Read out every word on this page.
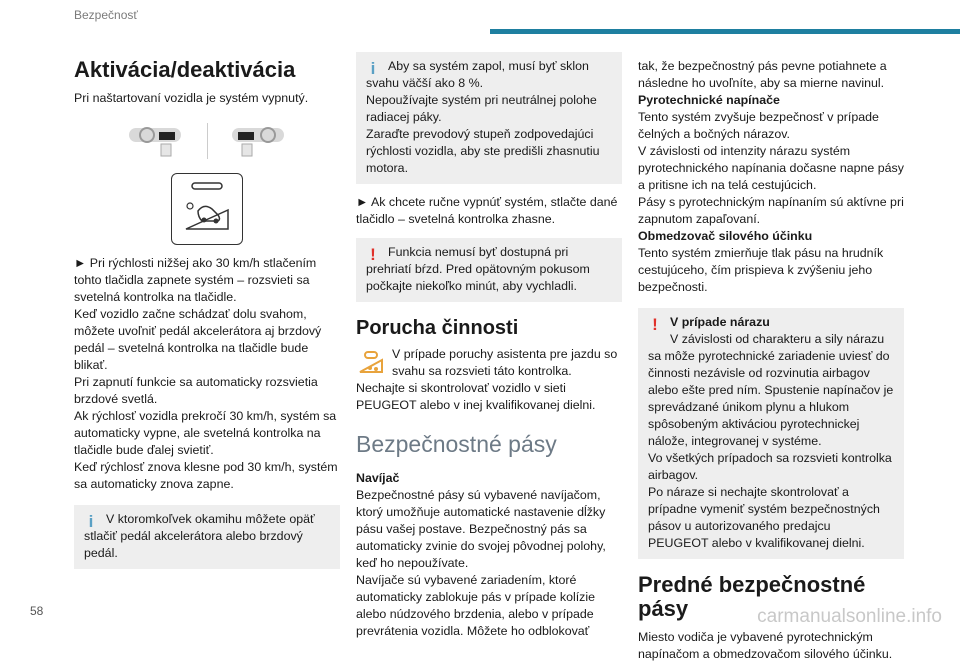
Bezpečnosť
Aktivácia/deaktivácia

Pri naštartovaní vozidla je systém vypnutý.

► Pri rýchlosti nižšej ako 30 km/h stlačením tohto tlačidla zapnete systém – rozsvieti sa svetelná kontrolka na tlačidle.

Keď vozidlo začne schádzať dolu svahom, môžete uvoľniť pedál akcelerátora aj brzdový pedál – svetelná kontrolka na tlačidle bude blikať.

Pri zapnutí funkcie sa automaticky rozsvietia brzdové svetlá.

Ak rýchlosť vozidla prekročí 30 km/h, systém sa automaticky vypne, ale svetelná kontrolka na tlačidle bude ďalej svietiť.

Keď rýchlosť znova klesne pod 30 km/h, systém sa automaticky znova zapne.

i	V ktoromkoľvek okamihu môžete opäť stlačiť pedál akcelerátora alebo brzdový pedál.

i	Aby sa systém zapol, musí byť sklon svahu väčší ako 8 %.

Nepoužívajte systém pri neutrálnej polohe radiacej páky.

Zaraďte prevodový stupeň zodpovedajúci rýchlosti vozidla, aby ste predišli zhasnutiu motora.

► Ak chcete ručne vypnúť systém, stlačte dané tlačidlo – svetelná kontrolka zhasne.

! Funkcia nemusí byť dostupná pri prehriatí bŕzd. Pred opätovným pokusom počkajte niekoľko minút, aby vychladli.

Porucha činnosti

V prípade poruchy asistenta pre jazdu so svahu sa rozsvieti táto kontrolka. Nechajte si skontrolovať vozidlo v sieti PEUGEOT alebo v inej kvalifikovanej dielni.

Bezpečnostné pásy

Navíjač

Bezpečnostné pásy sú vybavené navíjačom, ktorý umožňuje automatické nastavenie dĺžky pásu vašej postave. Bezpečnostný pás sa automaticky zvinie do svojej pôvodnej polohy, keď ho nepoužívate.

Navíjače sú vybavené zariadením, ktoré automaticky zablokuje pás v prípade kolízie alebo núdzového brzdenia, alebo v prípade prevrátenia vozidla. Môžete ho odblokovať

tak, že bezpečnostný pás pevne potiahnete a následne ho uvoľníte, aby sa mierne navinul.

Pyrotechnické napínače

Tento systém zvyšuje bezpečnosť v prípade čelných a bočných nárazov.

V závislosti od intenzity nárazu systém pyrotechnického napínania dočasne napne pásy a pritisne ich na telá cestujúcich.

Pásy s pyrotechnickým napínaním sú aktívne pri zapnutom zapaľovaní.

Obmedzovač silového účinku

Tento systém zmierňuje tlak pásu na hrudník cestujúceho, čím prispieva k zvýšeniu jeho bezpečnosti.

! V prípade nárazu

V závislosti od charakteru a sily nárazu sa môže pyrotechnické zariadenie uviesť do činnosti nezávisle od rozvinutia airbagov alebo ešte pred ním. Spustenie napínačov je sprevádzané únikom plynu a hlukom spôsobeným aktiváciou pyrotechnickej náložе, integrovanej v systéme.

Vo všetkých prípadoch sa rozsvieti kontrolka airbagov.

Po náraze si nechajte skontrolovať a prípadne vymeniť systém bezpečnostných pásov u autorizovaného predajcu PEUGEOT alebo v kvalifikovanej dielni.

Predné bezpečnostné pásy

Miesto vodiča je vybavené pyrotechnickým napínačom a obmedzovačom silového účinku.

58	carmanualsonline.info
